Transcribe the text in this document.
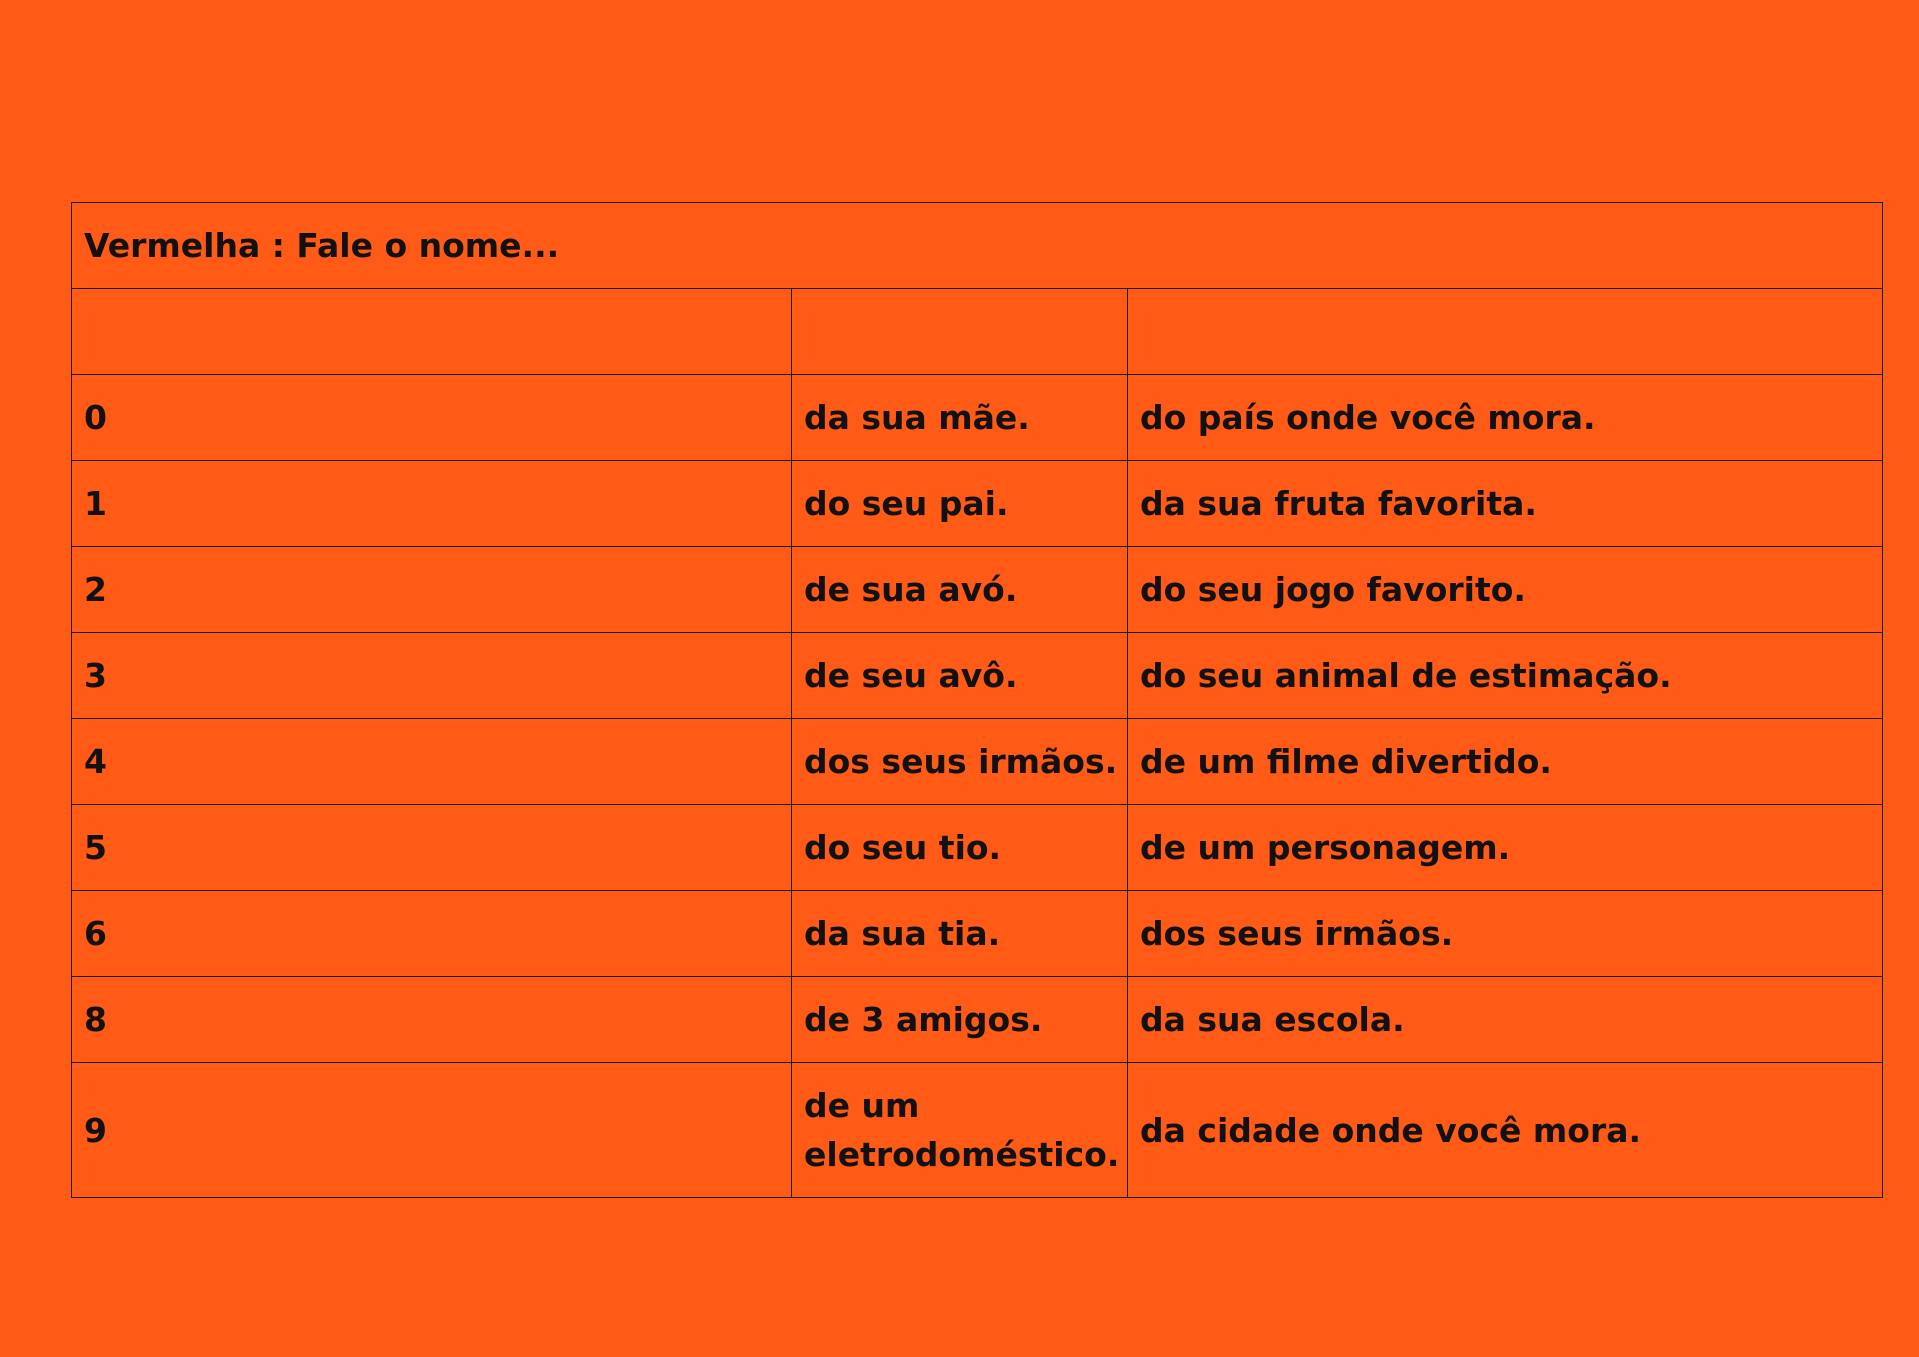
Vermelha : Fale o nome...		

0	da sua mãe.	do país onde você mora.
1	do seu pai.	da sua fruta favorita.
2	de sua avó.	do seu jogo favorito.
3	de seu avô.	do seu animal de estimação.
4	dos seus irmãos.	de um filme divertido.
5	do seu tio.	de um personagem.
6	da sua tia.	dos seus irmãos.
8	de 3 amigos.	da sua escola.
9	de um eletrodoméstico.	da cidade onde você mora.
